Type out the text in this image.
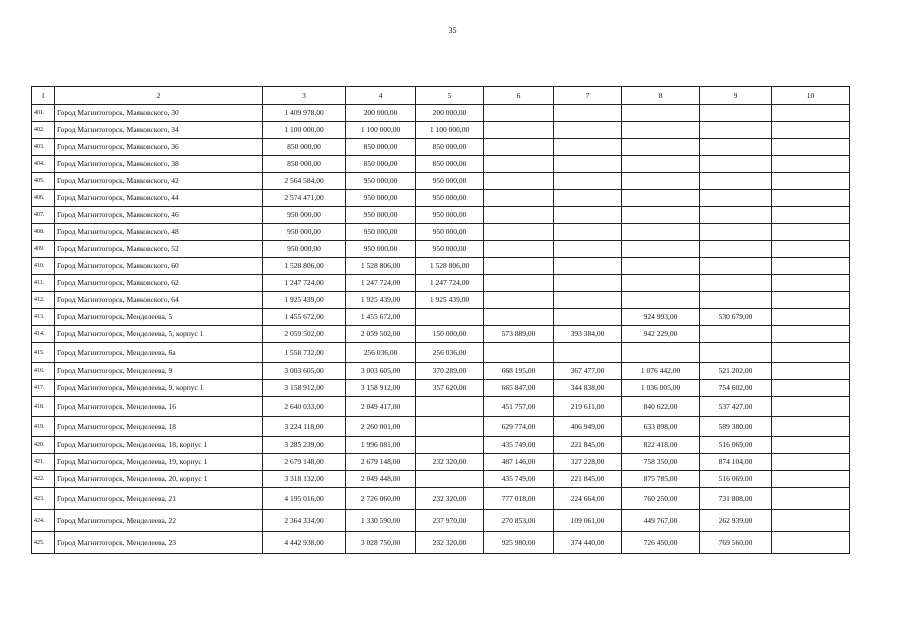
35
1	2	3	4	5	6	7	8	9	10
401.	Город Магнитогорск, Маяковского, 30	1 409 978,00	200 000,00	200 000,00					
402.	Город Магнитогорск, Маяковского, 34	1 100 000,00	1 100 000,00	1 100 000,00					
403.	Город Магнитогорск, Маяковского, 36	850 000,00	850 000,00	850 000,00					
404.	Город Магнитогорск, Маяковского, 38	850 000,00	850 000,00	850 000,00					
405.	Город Магнитогорск, Маяковского, 42	2 564 584,00	950 000,00	950 000,00					
406.	Город Магнитогорск, Маяковского, 44	2 574 471,00	950 000,00	950 000,00					
407.	Город Магнитогорск, Маяковского, 46	950 000,00	950 000,00	950 000,00					
408.	Город Магнитогорск, Маяковского, 48	950 000,00	950 000,00	950 000,00					
409.	Город Магнитогорск, Маяковского, 52	950 000,00	950 000,00	950 000,00					
410.	Город Магнитогорск, Маяковского, 60	1 528 806,00	1 528 806,00	1 528 806,00					
411.	Город Магнитогорск, Маяковского, 62	1 247 724,00	1 247 724,00	1 247 724,00					
412.	Город Магнитогорск, Маяковского, 64	1 925 439,00	1 925 439,00	1 925 439,00					
413.	Город Магнитогорск, Менделеева, 5	1 455 672,00	1 455 672,00				924 993,00	530 679,00	
414.	Город Магнитогорск, Менделеева, 5, корпус 1	2 059 502,00	2 059 502,00	150 000,00	573 889,00	393 384,00	942 229,00		
415.	Город Магнитогорск, Менделеева, 6а	1 558 732,00	256 036,00	256 036,00					
416.	Город Магнитогорск, Менделеева, 9	3 003 605,00	3 003 605,00	370 289,00	668 195,00	367 477,00	1 076 442,00	521 202,00	
417.	Город Магнитогорск, Менделеева, 9, корпус 1	3 158 912,00	3 158 912,00	357 620,00	665 847,00	344 838,00	1 036 005,00	754 602,00	
418.	Город Магнитогорск, Менделеева, 16	2 640 033,00	2 049 417,00		451 757,00	219 611,00	840 622,00	537 427,00	
419.	Город Магнитогорск, Менделеева, 18	3 224 118,00	2 260 001,00		629 774,00	406 949,00	633 898,00	589 380,00	
420.	Город Магнитогорск, Менделеева, 18, корпус 1	3 285 239,00	1 996 081,00		435 749,00	221 845,00	822 418,00	516 069,00	
421.	Город Магнитогорск, Менделеева, 19, корпус 1	2 679 148,00	2 679 148,00	232 320,00	487 146,00	327 228,00	758 350,00	874 104,00	
422.	Город Магнитогорск, Менделеева, 20, корпус 1	3 318 132,00	2 049 448,00		435 749,00	221 845,00	875 785,00	516 069,00	
423.	Город Магнитогорск, Менделеева, 21	4 195 016,00	2 726 060,00	232 320,00	777 018,00	224 664,00	760 250,00	731 808,00	
424.	Город Магнитогорск, Менделеева, 22	2 364 334,00	1 330 590,00	237 970,00	270 853,00	109 061,00	449 767,00	262 939,00	
425.	Город Магнитогорск, Менделеева, 23	4 442 938,00	3 028 750,00	232 320,00	925 980,00	374 440,00	726 450,00	769 560,00	
